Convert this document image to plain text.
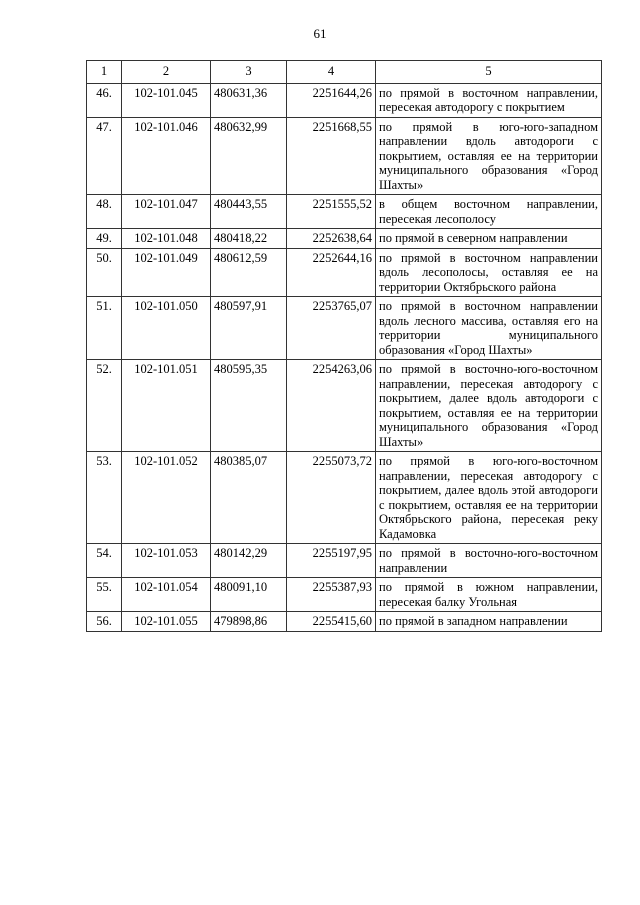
61
1	2	3	4	5
46.	102-101.045	480631,36	2251644,26	по прямой в восточном направлении, пересекая автодорогу с покрытием
47.	102-101.046	480632,99	2251668,55	по прямой в юго-юго-западном направлении вдоль автодороги с покрытием, оставляя ее на территории муниципального образования «Город Шахты»
48.	102-101.047	480443,55	2251555,52	в общем восточном направлении, пересекая лесополосу
49.	102-101.048	480418,22	2252638,64	по прямой в северном направлении
50.	102-101.049	480612,59	2252644,16	по прямой в восточном направлении вдоль лесополосы, оставляя ее на территории Октябрьского района
51.	102-101.050	480597,91	2253765,07	по прямой в восточном направлении вдоль лесного массива, оставляя его на территории муниципального образования «Город Шахты»
52.	102-101.051	480595,35	2254263,06	по прямой в восточно-юго-восточном направлении, пересекая автодорогу с покрытием, далее вдоль автодороги с покрытием, оставляя ее на территории муниципального образования «Город Шахты»
53.	102-101.052	480385,07	2255073,72	по прямой в юго-юго-восточном направлении, пересекая автодорогу с покрытием, далее вдоль этой автодороги с покрытием, оставляя ее на территории Октябрьского района, пересекая реку Кадамовка
54.	102-101.053	480142,29	2255197,95	по прямой в восточно-юго-восточном направлении
55.	102-101.054	480091,10	2255387,93	по прямой в южном направлении, пересекая балку Угольная
56.	102-101.055	479898,86	2255415,60	по прямой в западном направлении
